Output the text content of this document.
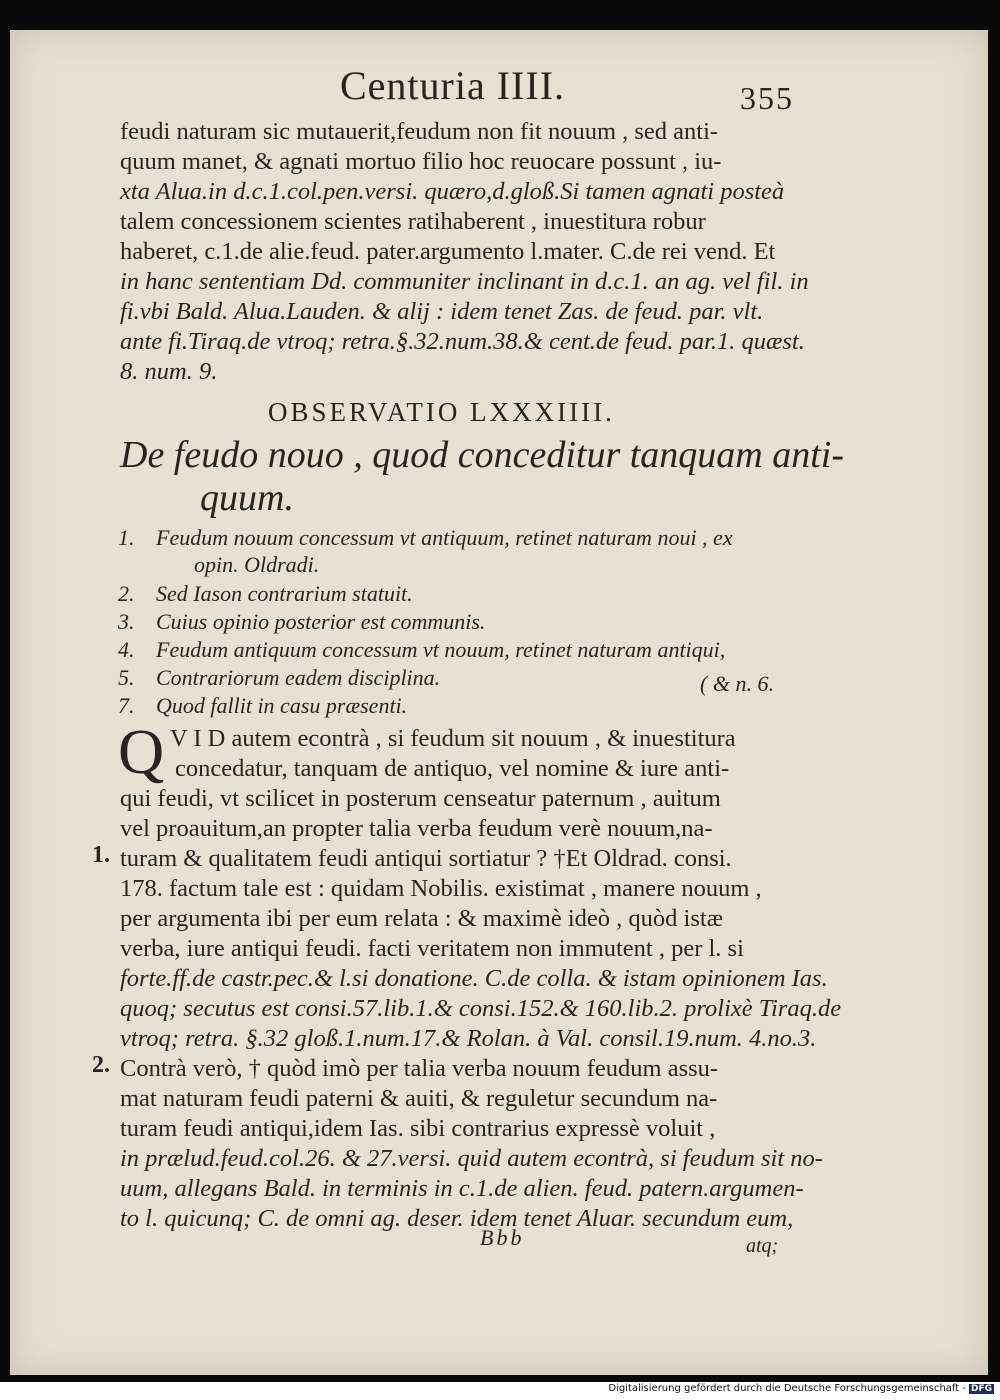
Centuria IIII.	355
feudi naturam sic mutauerit,feudum non fit nouum , sed anti-
quum manet, & agnati mortuo filio hoc reuocare possunt , iu-
xta Alua.in d.c.1.col.pen.versi. quæro,d.gloß.Si tamen agnati posteà
talem concessionem scientes ratihaberent , inuestitura robur
haberet, c.1.de alie.feud. pater.argumento l.mater. C.de rei vend. Et
in hanc sententiam Dd. communiter inclinant in d.c.1. an ag. vel fil. in
fi.vbi Bald. Alua.Lauden. & alij : idem tenet Zas. de feud. par. vlt.
ante fi.Tiraq.de vtroq; retra.§.32.num.38.& cent.de feud. par.1. quæst.
8. num. 9.
OBSERVATIO LXXXIIII.
De feudo nouo , quod conceditur tanquam anti-
quum.
1. Feudum nouum concessum vt antiquum, retinet naturam noui , ex
opin. Oldradi.
2. Sed Iason contrarium statuit.
3. Cuius opinio posterior est communis.
4. Feudum antiquum concessum vt nouum, retinet naturam antiqui,
5. Contrariorum eadem disciplina.	( & n. 6.
7. Quod fallit in casu præsenti.
Q V I D autem econtrà , si feudum sit nouum , & inuestitura
concedatur, tanquam de antiquo, vel nomine & iure anti-
qui feudi, vt scilicet in posterum censeatur paternum , auitum
vel proauitum,an propter talia verba feudum verè nouum,na-
1. turam & qualitatem feudi antiqui sortiatur ? †Et Oldrad. consi.
178. factum tale est : quidam Nobilis. existimat , manere nouum ,
per argumenta ibi per eum relata : & maximè ideò , quòd istæ
verba, iure antiqui feudi. facti veritatem non immutent , per l. si
forte.ff.de castr.pec.& l.si donatione. C.de colla. & istam opinionem Ias.
quoq; secutus est consi.57.lib.1.& consi.152.& 160.lib.2. prolixè Tiraq.de
vtroq; retra. §.32 gloß.1.num.17.& Rolan. à Val. consil.19.num. 4.no.3.
2. Contrà verò, † quòd imò per talia verba nouum feudum assu-
mat naturam feudi paterni & auiti, & reguletur secundum na-
turam feudi antiqui,idem Ias. sibi contrarius expressè voluit ,
in prælud.feud.col.26. & 27.versi. quid autem econtrà, si feudum sit no-
uum, allegans Bald. in terminis in c.1.de alien. feud. patern.argumen-
to l. quicunq; C. de omni ag. deser. idem tenet Aluar. secundum eum,
Bbb	atq;
Digitalisierung gefördert durch die Deutsche Forschungsgemeinschaft - DFG
